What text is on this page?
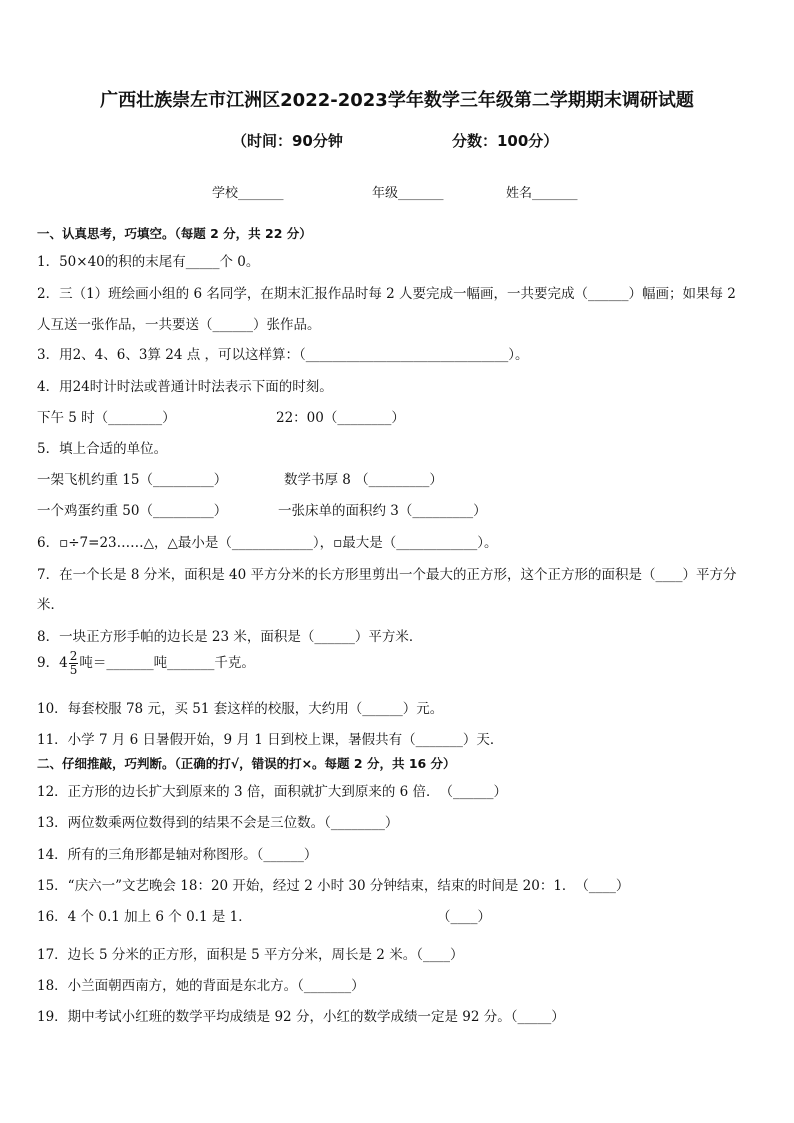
广西壮族崇左市江洲区2022-2023学年数学三年级第二学期期末调研试题
（时间：90分钟	分数：100分）
学校_______	年级_______	姓名_______
一、认真思考，巧填空。（每题 2 分，共 22 分）
1．50×40的积的末尾有_____个 0。
2．三（1）班绘画小组的 6 名同学，在期末汇报作品时每 2 人要完成一幅画，一共要完成（______）幅画；如果每 2
人互送一张作品，一共要送（______）张作品。
3．用2、4、6、3算 24 点 ，可以这样算：（______________________________）。
4．用24时计时法或普通计时法表示下面的时刻。
下午 5 时（________）	22：00（________）
5．填上合适的单位。
一架飞机约重 15（_________）	数学书厚 8 （_________）
一个鸡蛋约重 50（_________）	一张床单的面积约 3（_________）
6．▫÷7=23……△，△最小是（____________），▫最大是（____________）。
7．在一个长是 8 分米，面积是 40 平方分米的长方形里剪出一个最大的正方形，这个正方形的面积是（____）平方分
米．
8．一块正方形手帕的边长是 23 米，面积是（______）平方米．
9．$4 \frac{2}{5}$ 吨＝_______吨_______千克。
10．每套校服 78 元，买 51 套这样的校服，大约用（______）元。
11．小学 7 月 6 日暑假开始，9 月 1 日到校上课，暑假共有（_______）天．
二、仔细推敲，巧判断。（正确的打√，错误的打×。每题 2 分，共 16 分）
12．正方形的边长扩大到原来的 3 倍，面积就扩大到原来的 6 倍．　（______）
13．两位数乘两位数得到的结果不会是三位数。（________）
14．所有的三角形都是轴对称图形。（______）
15．“庆六一”文艺晚会 18：20 开始，经过 2 小时 30 分钟结束，结束的时间是 20：1．　（____）
16．4 个 0.1 加上 6 个 0.1 是 1．	（____）
17．边长 5 分米的正方形，面积是 5 平方分米，周长是 2 米。（____）
18．小兰面朝西南方，她的背面是东北方。（_______）
19．期中考试小红班的数学平均成绩是 92 分，小红的数学成绩一定是 92 分。（_____）
